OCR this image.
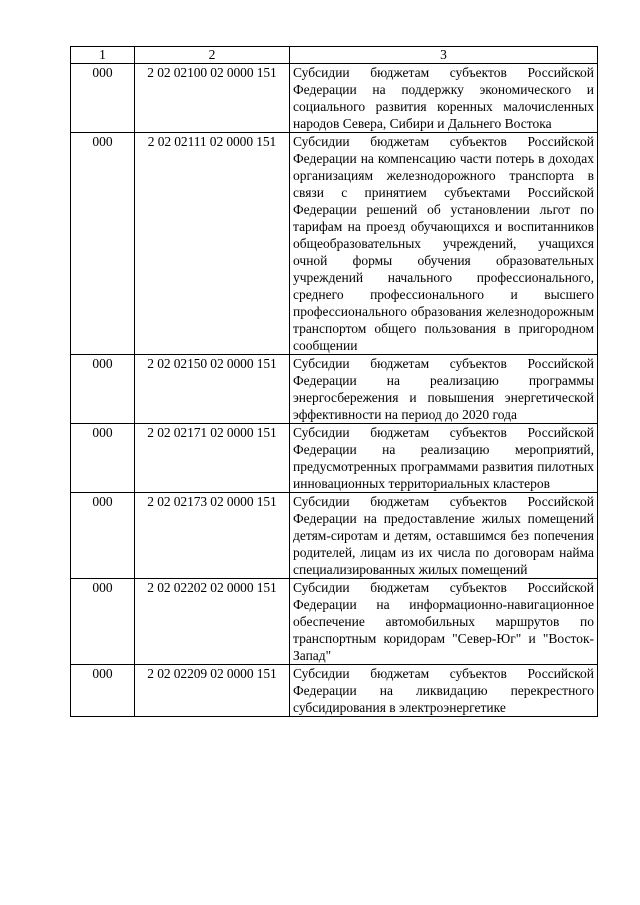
1	2	3
000	2 02 02100 02 0000 151	Субсидии бюджетам субъектов Российской Федерации на поддержку экономического и социального развития коренных малочисленных народов Севера, Сибири и Дальнего Востока
000	2 02 02111 02 0000 151	Субсидии бюджетам субъектов Российской Федерации на компенсацию части потерь в доходах организациям железнодорожного транспорта в связи с принятием субъектами Российской Федерации решений об установлении льгот по тарифам на проезд обучающихся и воспитанников общеобразовательных учреждений, учащихся очной формы обучения образовательных учреждений начального профессионального, среднего профессионального и высшего профессионального образования железнодорожным транспортом общего пользования в пригородном сообщении
000	2 02 02150 02 0000 151	Субсидии бюджетам субъектов Российской Федерации на реализацию программы энергосбережения и повышения энергетической эффективности на период до 2020 года
000	2 02 02171 02 0000 151	Субсидии бюджетам субъектов Российской Федерации на реализацию мероприятий, предусмотренных программами развития пилотных инновационных территориальных кластеров
000	2 02 02173 02 0000 151	Субсидии бюджетам субъектов Российской Федерации на предоставление жилых помещений детям-сиротам и детям, оставшимся без попечения родителей, лицам из их числа по договорам найма специализированных жилых помещений
000	2 02 02202 02 0000 151	Субсидии бюджетам субъектов Российской Федерации на информационно-навигационное обеспечение автомобильных маршрутов по транспортным коридорам "Север-Юг" и "Восток-Запад"
000	2 02 02209 02 0000 151	Субсидии бюджетам субъектов Российской Федерации на ликвидацию перекрестного субсидирования в электроэнергетике
